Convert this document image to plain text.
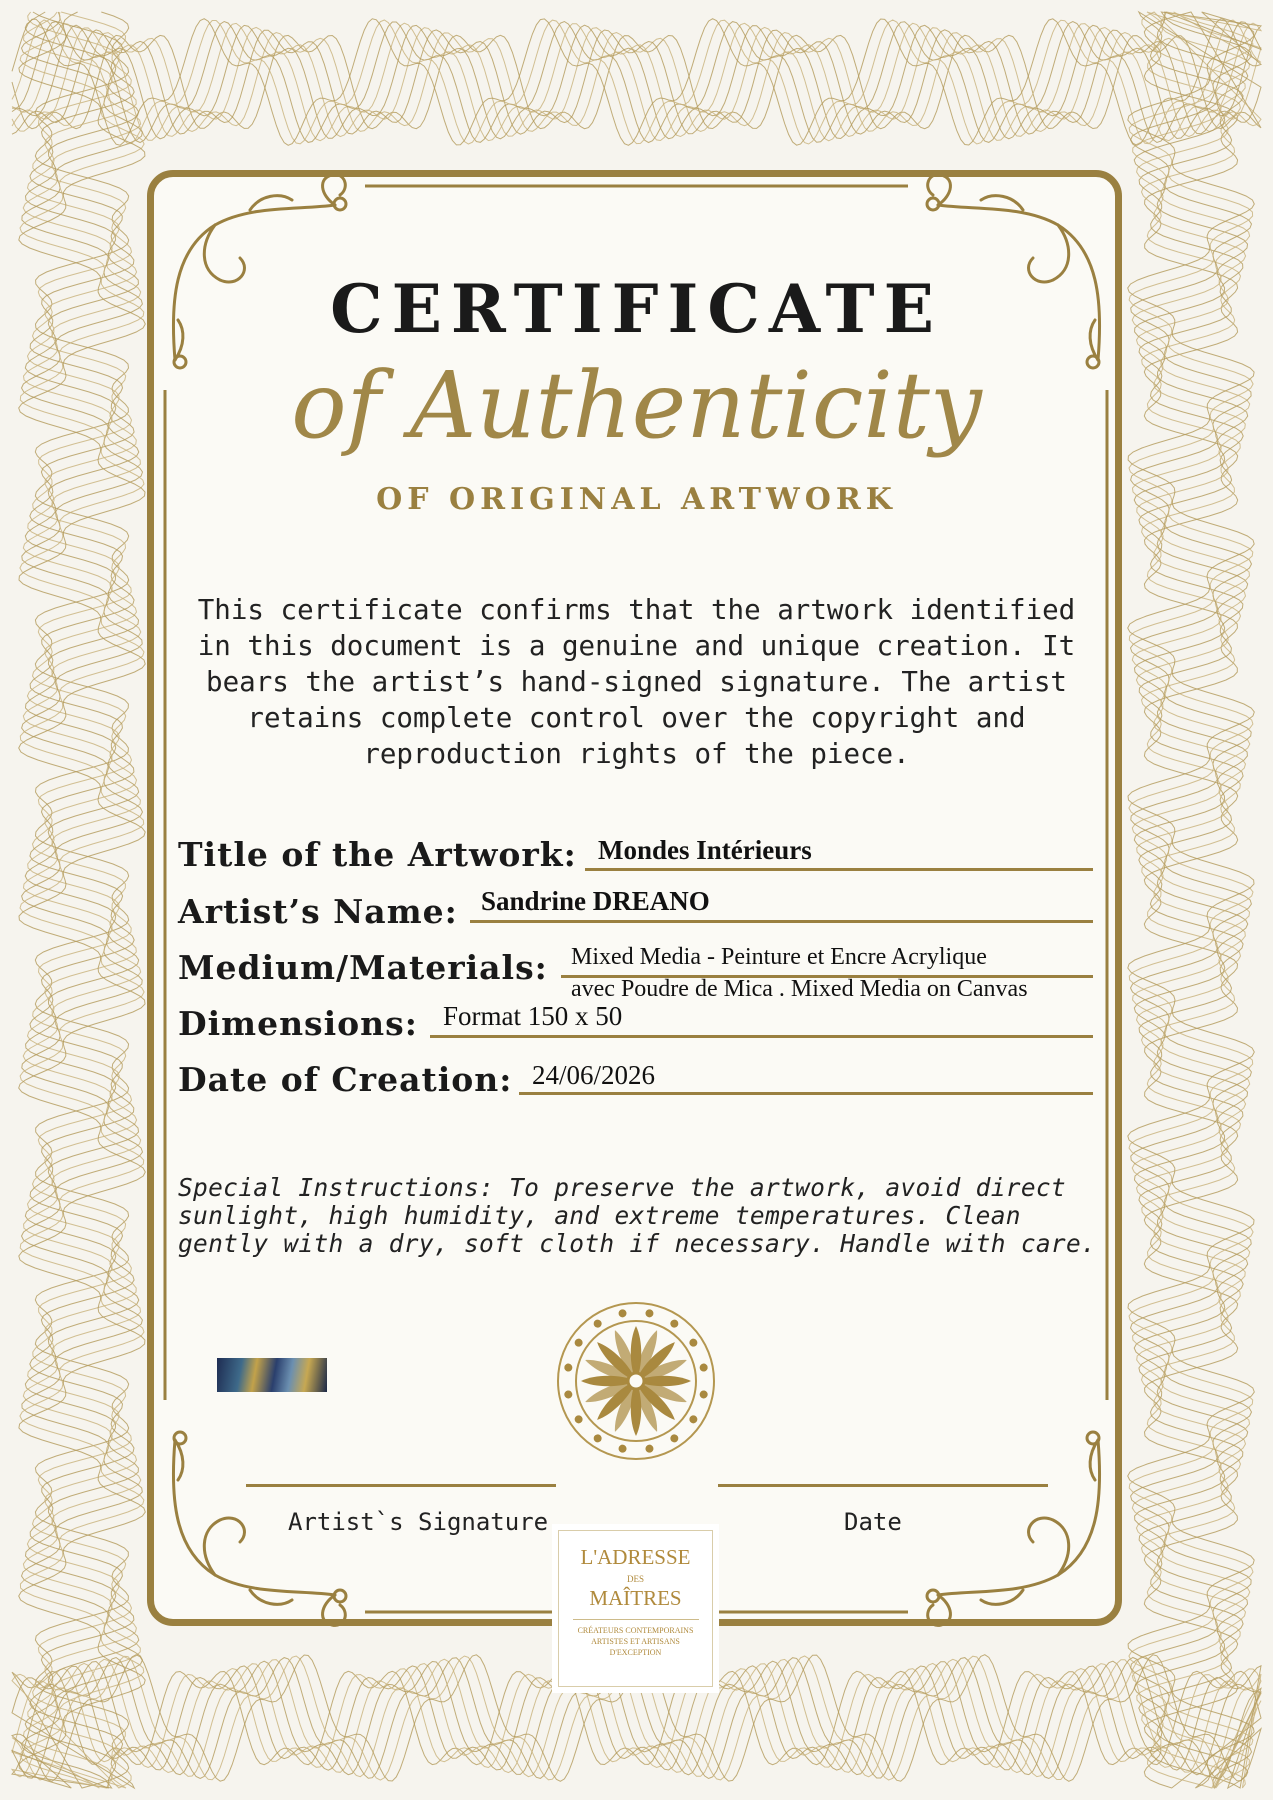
CERTIFICATE
of Authenticity
OF ORIGINAL ARTWORK

This certificate confirms that the artwork identified in this document is a genuine and unique creation. It bears the artist’s hand-signed signature. The artist retains complete control over the copyright and reproduction rights of the piece.

Title of the Artwork: Mondes Intérieurs
Artist’s Name: Sandrine DREANO
Medium/Materials: Mixed Media - Peinture et Encre Acrylique
avec Poudre de Mica . Mixed Media on Canvas
Dimensions: Format 150 x 50
Date of Creation: 24/06/2026

Special Instructions: To preserve the artwork, avoid direct sunlight, high humidity, and extreme temperatures. Clean gently with a dry, soft cloth if necessary. Handle with care.

Artist`s Signature	Date
L'ADRESSE
DES
MAÎTRES
CRÉATEURS CONTEMPORAINS
ARTISTES ET ARTISANS
D'EXCEPTION
